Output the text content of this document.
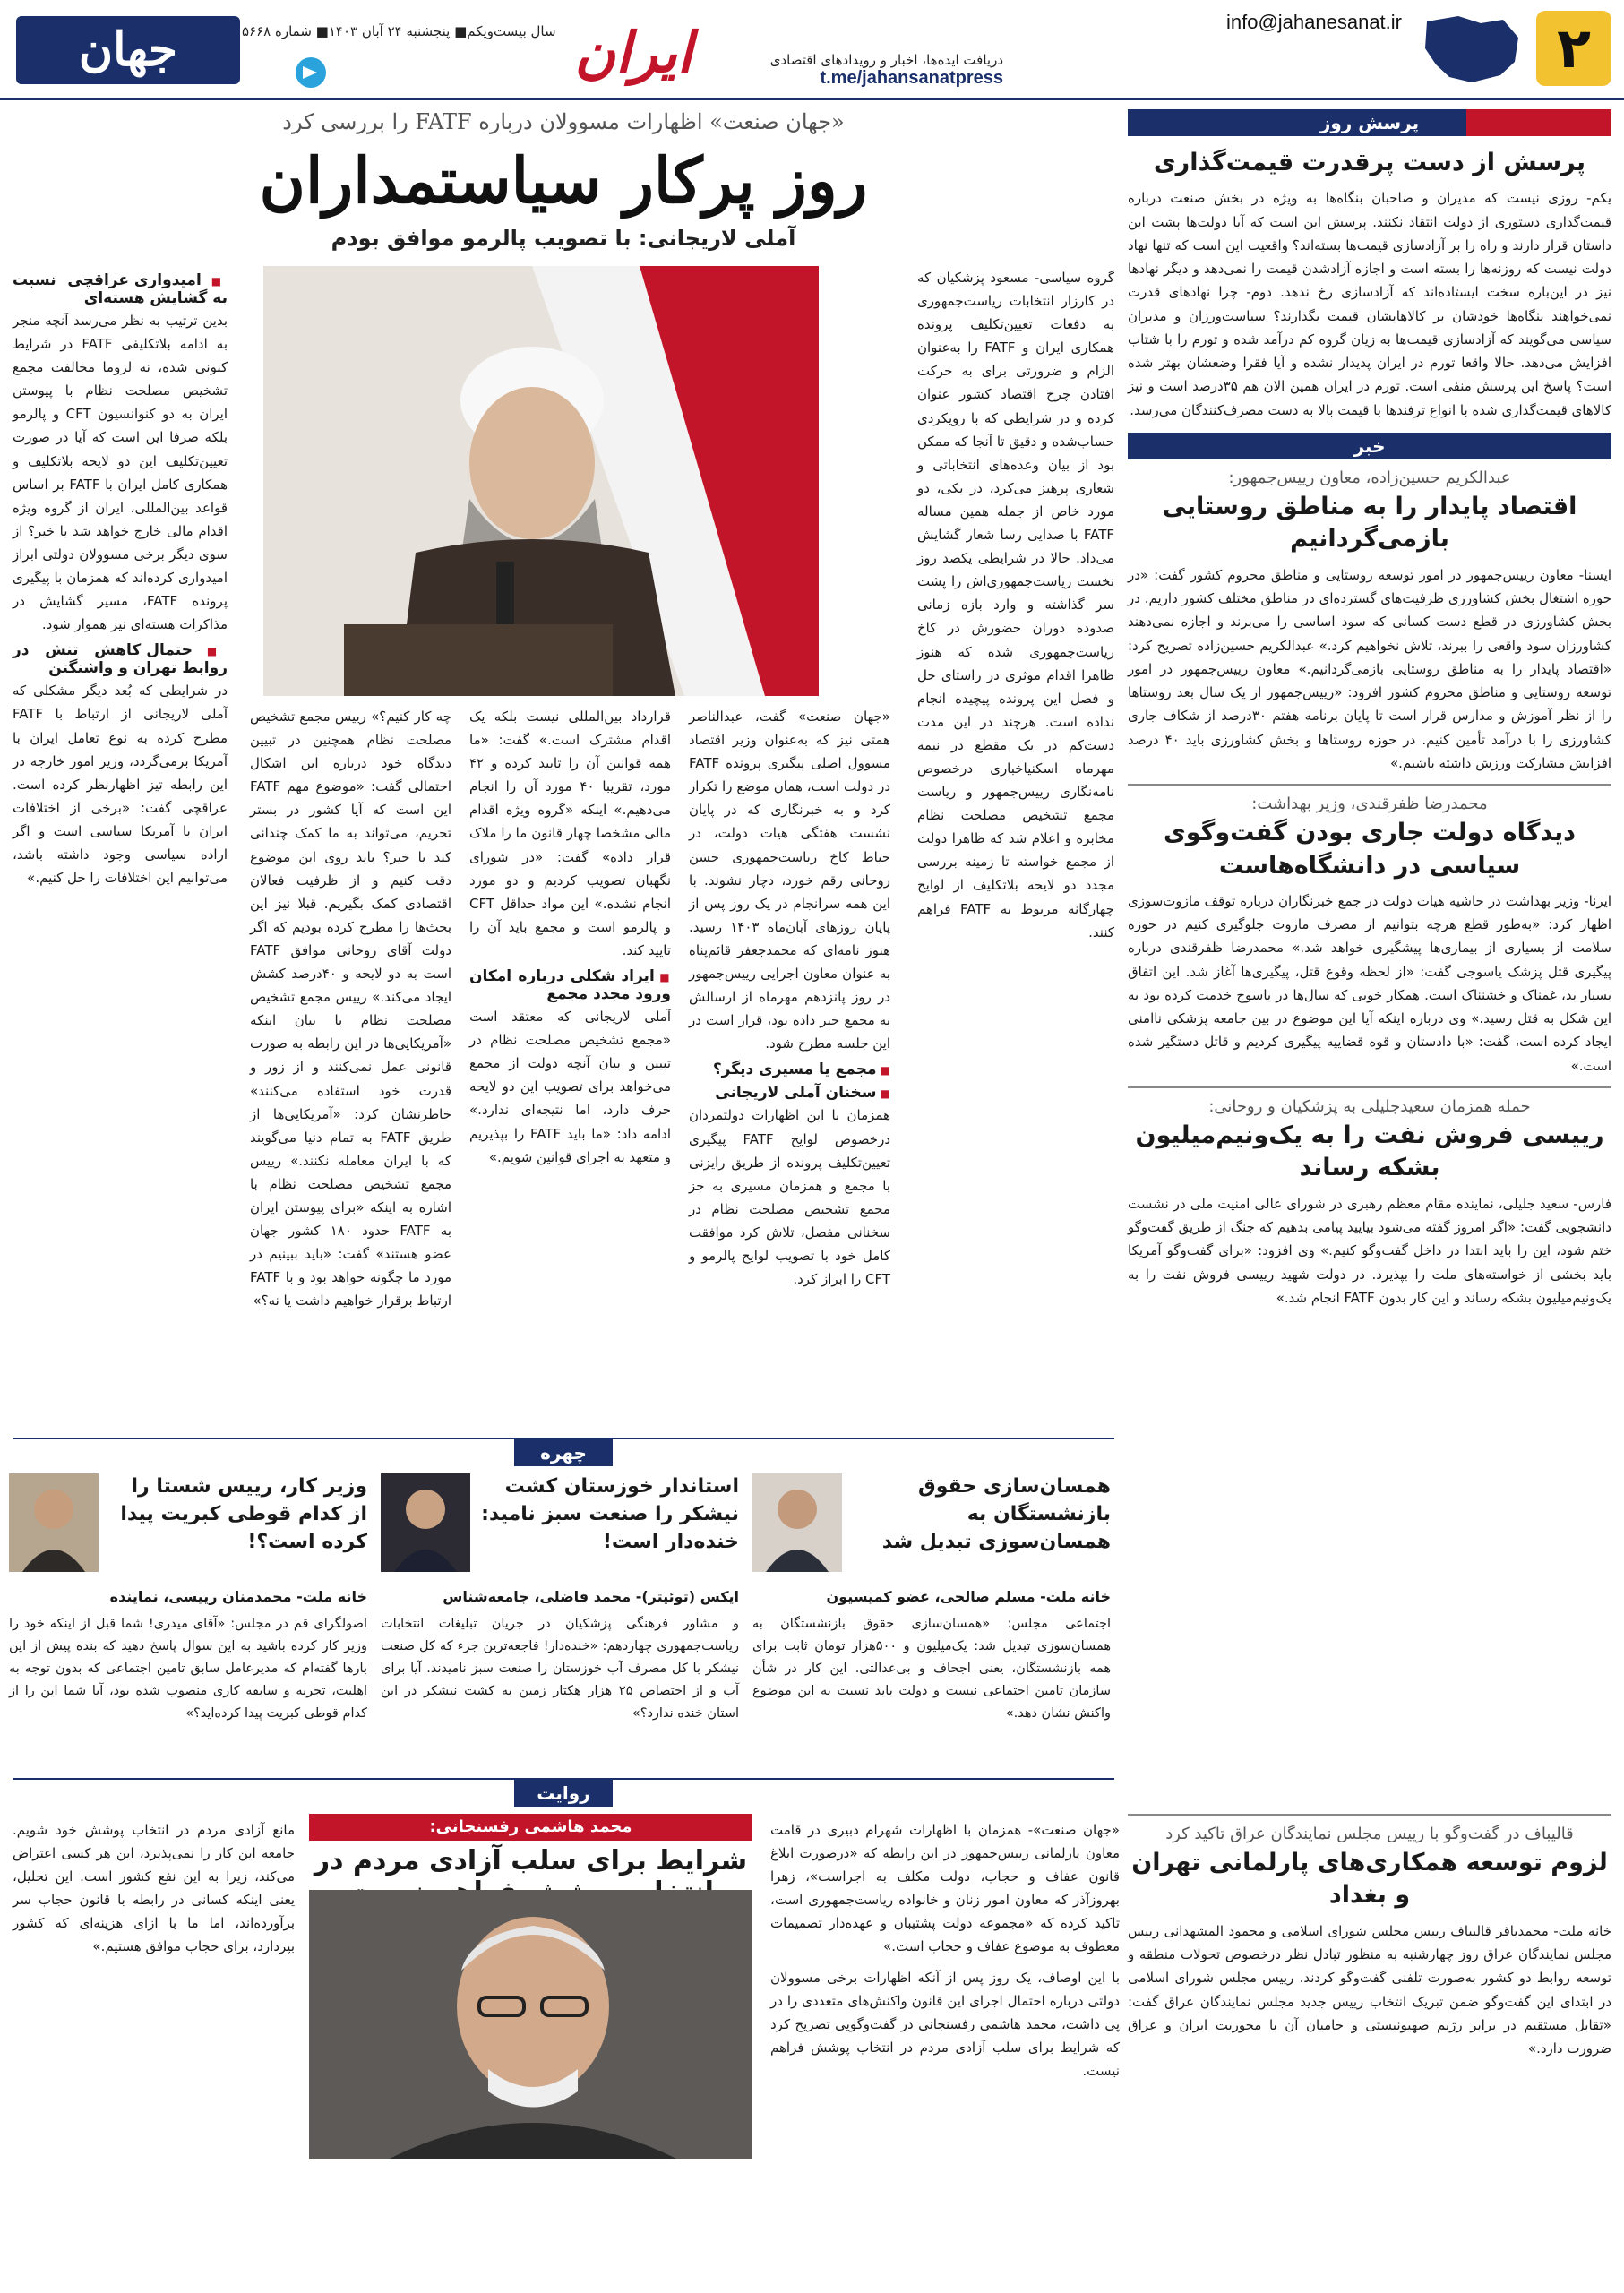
۲
info@jahanesanat.ir
ایران	دریافت ایده‌ها، اخبار و رویدادهای اقتصادی
t.me/jahansanatpress
سال بیست‌ویکم■ پنجشنبه ۲۴ آبان ۱۴۰۳■ شماره ۵۶۶۸
جهان صنعت	پرسش روز
پرسش از دست پرقدرت قیمت‌گذاری
یکم- روزی نیست که مدیران و صاحبان بنگاه‌ها به ویژه در بخش صنعت درباره قیمت‌گذاری دستوری از دولت انتقاد نکنند. پرسش این است که آیا دولت‌ها پشت این داستان قرار دارند و راه را بر آزادسازی قیمت‌ها بسته‌اند؟ واقعیت این است که تنها نهاد دولت نیست که روزنه‌ها را بسته است و اجازه آزادشدن قیمت را نمی‌دهد و دیگر نهادها نیز در این‌باره سخت ایستاده‌اند که آزادسازی رخ ندهد. دوم- چرا نهادهای قدرت نمی‌خواهند بنگاه‌ها خودشان بر کالاهایشان قیمت بگذارند؟ سیاست‌ورزان و مدیران سیاسی می‌گویند که آزادسازی قیمت‌ها به زیان گروه کم درآمد شده و تورم را با شتاب افزایش می‌دهد. حالا واقعا تورم در ایران پدیدار نشده و آیا فقرا وضعشان بهتر شده است؟ پاسخ این پرسش منفی است. تورم در ایران همین الان هم ۳۵درصد است و نیز کالاهای قیمت‌گذاری شده با انواع ترفندها با قیمت بالا به دست مصرف‌کنندگان می‌رسد.
خبر
عبدالکریم حسین‌زاده، معاون رییس‌جمهور:
اقتصاد پایدار را به مناطق روستایی بازمی‌گردانیم
ایسنا- معاون رییس‌جمهور در امور توسعه روستایی و مناطق محروم کشور گفت: «در حوزه اشتغال بخش کشاورزی ظرفیت‌های گسترده‌ای در مناطق مختلف کشور داریم. در بخش کشاورزی در قطع دست کسانی که سود اساسی را می‌برند و اجازه نمی‌دهند کشاورزان سود واقعی را ببرند، تلاش نخواهیم کرد.» عبدالکریم حسین‌زاده تصریح کرد: «اقتصاد پایدار را به مناطق روستایی بازمی‌گردانیم.» معاون رییس‌جمهور در امور توسعه روستایی و مناطق محروم کشور افزود: «رییس‌جمهور از یک سال بعد روستاها را از نظر آموزش و مدارس قرار است تا پایان برنامه هفتم ۳۰درصد از شکاف جاری کشاورزی را با درآمد تأمین کنیم. در حوزه روستاها و بخش کشاورزی باید ۴۰ درصد افزایش مشارکت ورزش داشته باشیم.»
محمدرضا ظفرقندی، وزیر بهداشت:
دیدگاه دولت جاری بودن گفت‌وگوی سیاسی در دانشگاه‌هاست
ایرنا- وزیر بهداشت در حاشیه هیات دولت در جمع خبرنگاران درباره توقف مازوت‌سوزی اظهار کرد: «به‌طور قطع هرچه بتوانیم از مصرف مازوت جلوگیری کنیم در حوزه سلامت از بسیاری از بیماری‌ها پیشگیری خواهد شد.» محمدرضا ظفرقندی درباره پیگیری قتل پزشک یاسوجی گفت: «از لحظه وقوع قتل، پیگیری‌ها آغاز شد. این اتفاق بسیار بد، غمناک و خشنناک است. همکار خوبی که سال‌ها در یاسوج خدمت کرده بود به این شکل به قتل رسید.» وی درباره اینکه آیا این موضوع در بین جامعه پزشکی ناامنی ایجاد کرده است، گفت: «با دادستان و قوه قضاییه پیگیری کردیم و قاتل دستگیر شده است.»
حمله همزمان سعیدجلیلی به پزشکیان و روحانی:
رییسی فروش نفت را به یک‌ونیم‌میلیون بشکه رساند
فارس- سعید جلیلی، نماینده مقام معظم رهبری در شورای عالی امنیت ملی در نشست دانشجویی گفت: «اگر امروز گفته می‌شود بیایید پیامی بدهیم که جنگ از طریق گفت‌وگو ختم شود، این را باید ابتدا در داخل گفت‌وگو کنیم.» وی افزود: «برای گفت‌وگو آمریکا باید بخشی از خواسته‌های ملت را بپذیرد. در دولت شهید رییسی فروش نفت را به یک‌ونیم‌میلیون بشکه رساند و این کار بدون FATF انجام شد.»
قالیباف در گفت‌وگو با رییس مجلس نمایندگان عراق تاکید کرد
لزوم توسعه همکاری‌های پارلمانی تهران و بغداد
خانه ملت- محمدباقر قالیباف رییس مجلس شورای اسلامی و محمود المشهدانی رییس مجلس نمایندگان عراق روز چهارشنبه به منظور تبادل نظر درخصوص تحولات منطقه و توسعه روابط دو کشور به‌صورت تلفنی گفت‌وگو کردند. رییس مجلس شورای اسلامی در ابتدای این گفت‌وگو ضمن تبریک انتخاب رییس جدید مجلس نمایندگان عراق گفت: «تقابل مستقیم در برابر رژیم صهیونیستی و حامیان آن با محوریت ایران و عراق ضرورت دارد.»
«جهان صنعت» اظهارات مسوولان درباره FATF را بررسی کرد
روز پرکار سیاستمداران
آملی لاریجانی: با تصویب پالرمو موافق بودم

گروه سیاسی- مسعود پزشکیان که در کارزار انتخابات ریاست‌جمهوری به دفعات تعیین‌تکلیف پرونده همکاری ایران و FATF را به‌عنوان الزام و ضرورتی برای به حرکت افتادن چرخ اقتصاد کشور عنوان کرده و در شرایطی که با رویکردی حساب‌شده و دقیق تا آنجا که ممکن بود از بیان وعده‌های انتخاباتی و شعاری پرهیز می‌کرد، در یکی، دو مورد خاص از جمله همین مساله FATF با صدایی رسا شعار گشایش می‌داد. حالا در شرایطی یکصد روز نخست ریاست‌جمهوری‌اش را پشت سر گذاشته و وارد بازه زمانی صدوده دوران حضورش در کاخ ریاست‌جمهوری شده که هنوز ظاهرا اقدام موثری در راستای حل و فصل این پرونده پیچیده انجام نداده است. هرچند در این مدت دست‌کم در یک مقطع در نیمه مهرماه اسکنیاخباری درخصوص نامه‌نگاری رییس‌جمهور و ریاست مجمع تشخیص مصلحت نظام مخابره و اعلام شد که ظاهرا دولت از مجمع خواسته تا زمینه بررسی مجدد دو لایحه بلاتکلیف از لوایح چهارگانه مربوط به FATF فراهم کنند.

«جهان صنعت» گفت، عبدالناصر همتی نیز که به‌عنوان وزیر اقتصاد مسوول اصلی پیگیری پرونده FATF در دولت است، همان موضع را تکرار کرد و به خبرنگاری که در پایان نشست هفتگی هیات دولت، در حیاط کاخ ریاست‌جمهوری حسن روحانی رقم خورد، دچار نشوند. با این همه سرانجام در یک روز پس از پایان روزهای آبان‌ماه ۱۴۰۳ رسید. هنوز نامه‌ای که محمدجعفر قائم‌پناه به عنوان معاون اجرایی رییس‌جمهور در روز پانزدهم مهرماه از ارسالش به مجمع خبر داده بود، قرار است در این جلسه مطرح شود.

■ مجمع یا مسیری دیگر؟
■ سخنان آملی لاریجانی

همزمان با این اظهارات دولتمردان درخصوص لوایح FATF پیگیری تعیین‌تکلیف پرونده از طریق رایزنی با مجمع و همزمان مسیری به جز مجمع تشخیص مصلحت نظام در سخنانی مفصل، تلاش کرد موافقت کامل خود با تصویب لوایح پالرمو و CFT را ابراز کرد.

قرارداد بین‌المللی نیست بلکه یک اقدام مشترک است.» گفت: «ما همه قوانین آن را تایید کرده و ۴۲ مورد، تقریبا ۴۰ مورد آن را انجام می‌دهیم.» اینکه «گروه ویژه اقدام مالی مشخصا چهار قانون ما را ملاک قرار داده» گفت: «در شورای نگهبان تصویب کردیم و دو مورد انجام نشده.» این مواد حداقل CFT و پالرمو است و مجمع باید آن را تایید کند.

■ ایراد شکلی درباره امکان ورود مجدد مجمع

آملی لاریجانی که معتقد است «مجمع تشخیص مصلحت نظام در تبیین و بیان آنچه دولت از مجمع می‌خواهد برای تصویب این دو لایحه حرف دارد، اما نتیجه‌ای ندارد.» ادامه داد: «ما باید FATF را بپذیریم و متعهد به اجرای قوانین شویم.»

چه کار کنیم؟» رییس مجمع تشخیص مصلحت نظام همچنین در تبیین دیدگاه خود درباره این اشکال احتمالی گفت: «موضوع مهم FATF این است که آیا کشور در بستر تحریم، می‌تواند به ما کمک چندانی کند یا خیر؟ باید روی این موضوع دقت کنیم و از ظرفیت فعالان اقتصادی کمک بگیریم. قبلا نیز این بحث‌ها را مطرح کرده بودیم که اگر دولت آقای روحانی موافق FATF است به دو لایحه و ۴۰درصد کشش ایجاد می‌کند.» رییس مجمع تشخیص مصلحت نظام با بیان اینکه «آمریکایی‌ها در این رابطه به صورت قانونی عمل نمی‌کنند و از زور و قدرت خود استفاده می‌کنند» خاطرنشان کرد: «آمریکایی‌ها از طریق FATF به تمام دنیا می‌گویند که با ایران معامله نکنند.» رییس مجمع تشخیص مصلحت نظام با اشاره به اینکه «برای پیوستن ایران به FATF حدود ۱۸۰ کشور جهان عضو هستند» گفت: «باید ببینیم در مورد ما چگونه خواهد بود و با FATF ارتباط برقرار خواهیم داشت یا نه؟»

■ امیدواری عراقچی نسبت به گشایش هسته‌ای

بدین ترتیب به نظر می‌رسد آنچه منجر به ادامه بلاتکلیفی FATF در شرایط کنونی شده، نه لزوما مخالفت مجمع تشخیص مصلحت نظام با پیوستن ایران به دو کنوانسیون CFT و پالرمو بلکه صرفا این است که آیا در صورت تعیین‌تکلیف این دو لایحه بلاتکلیف و همکاری کامل ایران با FATF بر اساس قواعد بین‌المللی، ایران از گروه ویژه اقدام مالی خارج خواهد شد یا خیر؟ از سوی دیگر برخی مسوولان دولتی ابراز امیدواری کرده‌اند که همزمان با پیگیری پرونده FATF، مسیر گشایش در مذاکرات هسته‌ای نیز هموار شود.

■ حتمال کاهش تنش در روابط تهران و واشنگتن

در شرایطی که بُعد دیگر مشکلی که آملی لاریجانی از ارتباط با FATF مطرح کرده به نوع تعامل ایران با آمریکا برمی‌گردد، وزیر امور خارجه در این رابطه تیز اظهارنظر کرده است. عراقچی گفت: «برخی از اختلافات ایران با آمریکا سیاسی است و اگر اراده سیاسی وجود داشته باشد، می‌توانیم این اختلافات را حل کنیم.»

چهره
همسان‌سازی حقوق بازنشستگان به همسان‌سوزی تبدیل شد
خانه ملت- مسلم صالحی، عضو کمیسیون
اجتماعی مجلس: «همسان‌سازی حقوق بازنشستگان به همسان‌سوزی تبدیل شد: یک‌میلیون و ۵۰۰هزار تومان ثابت برای همه بازنشستگان، یعنی اجحاف و بی‌عدالتی. این کار در شأن سازمان تامین اجتماعی نیست و دولت باید نسبت به این موضوع واکنش نشان دهد.»
استاندار خوزستان کشت نیشکر را صنعت سبز نامید: خنده‌دار است!
ایکس (توئیتر)- محمد فاضلی، جامعه‌شناس
و مشاور فرهنگی پزشکیان در جریان تبلیغات انتخابات ریاست‌جمهوری چهاردهم: «خنده‌دار! فاجعه‌ترین جزء که کل صنعت نیشکر با کل مصرف آب خوزستان را صنعت سبز نامیدند. آیا برای آب و از اختصاص ۲۵ هزار هکتار زمین به کشت نیشکر در این استان خنده ندارد؟»
وزیر کار، رییس شستا را از کدام قوطی کبریت پیدا کرده است؟!
خانه ملت- محمدمنان رییسی، نماینده
اصولگرای قم در مجلس: «آقای میدری! شما قبل از اینکه خود را وزیر کار کرده باشید به این سوال پاسخ دهید که بنده پیش از این بارها گفته‌ام که مدیرعامل سابق تامین اجتماعی که بدون توجه به اهلیت، تجربه و سابقه کاری منصوب شده بود، آیا شما این را از کدام قوطی کبریت پیدا کرده‌اید؟»
روایت
محمد هاشمی رفسنجانی:
شرایط برای سلب آزادی مردم در

«جهان صنعت»- همزمان با اظهارات شهرام دبیری در قامت معاون پارلمانی رییس‌جمهور در این رابطه که «درصورت ابلاغ قانون عفاف و حجاب، دولت مکلف به اجراست»، زهرا بهروزآذر که معاون امور زنان و خانواده ریاست‌جمهوری است، تاکید کرده که «مجموعه دولت پشتیبان و عهده‌دار تصمیمات معطوف به موضوع عفاف و حجاب است.»

با این اوصاف، یک روز پس از آنکه اظهارات برخی مسوولان دولتی درباره احتمال اجرای این قانون واکنش‌های متعددی را در پی داشت، محمد هاشمی رفسنجانی در گفت‌وگویی تصریح کرد که شرایط برای سلب آزادی مردم در انتخاب پوشش فراهم نیست.

مانع آزادی مردم در انتخاب پوشش خود شویم. جامعه این کار را نمی‌پذیرد، این هر کسی اعتراض می‌کند، زیرا به این نفع کشور است. این تحلیل، یعنی اینکه کسانی در رابطه با قانون حجاب سر برآورده‌اند، اما ما با ازای هزینه‌ای که کشور بپردازد، برای حجاب موافق هستیم.»
